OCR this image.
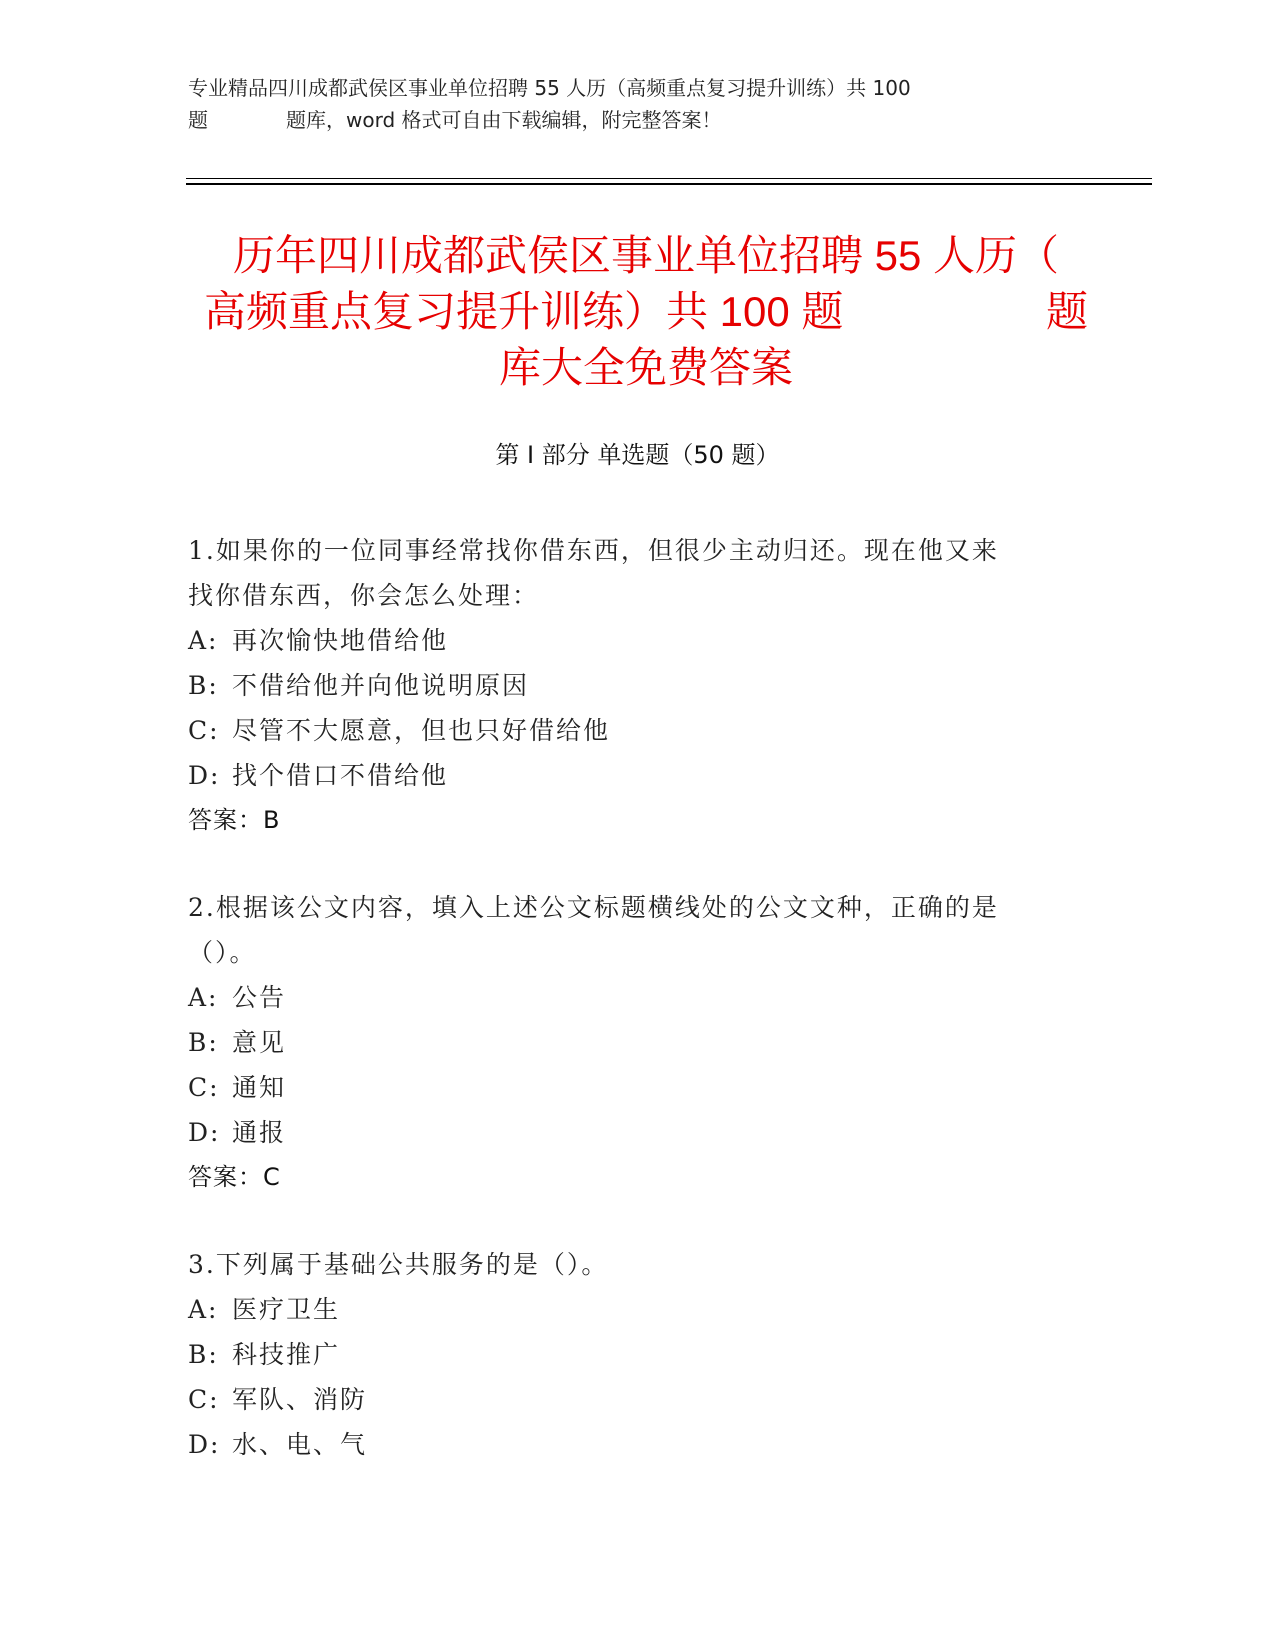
专业精品四川成都武侯区事业单位招聘 55 人历（高频重点复习提升训练）共 100
题	题库，word 格式可自由下载编辑，附完整答案！
历年四川成都武侯区事业单位招聘 55 人历（
高频重点复习提升训练）共 100 题	题
库大全免费答案
第 I 部分 单选题（50 题）
1.如果你的一位同事经常找你借东西，但很少主动归还。现在他又来
找你借东西，你会怎么处理：
A: 再次愉快地借给他
B: 不借给他并向他说明原因
C: 尽管不大愿意，但也只好借给他
D: 找个借口不借给他
答案：B
2.根据该公文内容，填入上述公文标题横线处的公文文种，正确的是
（）。
A: 公告
B: 意见
C: 通知
D: 通报
答案：C
3.下列属于基础公共服务的是（）。
A: 医疗卫生
B: 科技推广
C: 军队、消防
D: 水、电、气
